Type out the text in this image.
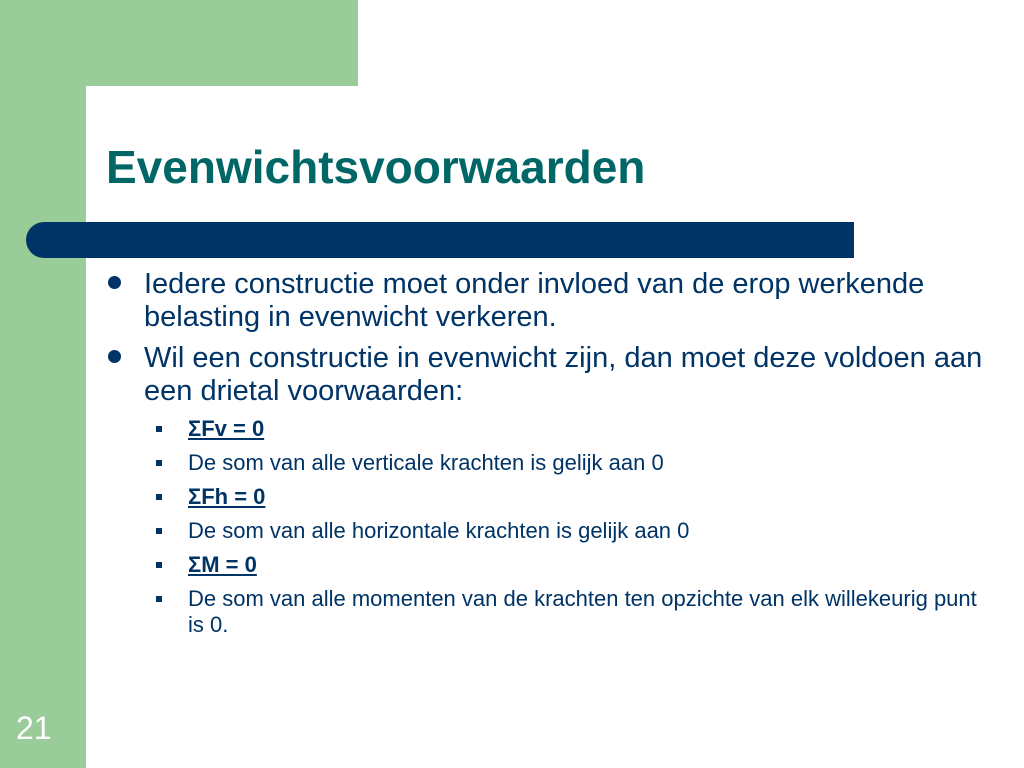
Evenwichtsvoorwaarden
Iedere constructie moet onder invloed van de erop werkende belasting in evenwicht verkeren.
Wil een constructie in evenwicht zijn, dan moet deze voldoen aan een drietal voorwaarden:
ΣFv = 0
De som van alle verticale krachten is gelijk aan 0
ΣFh = 0
De som van alle horizontale krachten is gelijk aan 0
ΣM = 0
De som van alle momenten van de krachten ten opzichte van elk willekeurig punt is 0.
21
